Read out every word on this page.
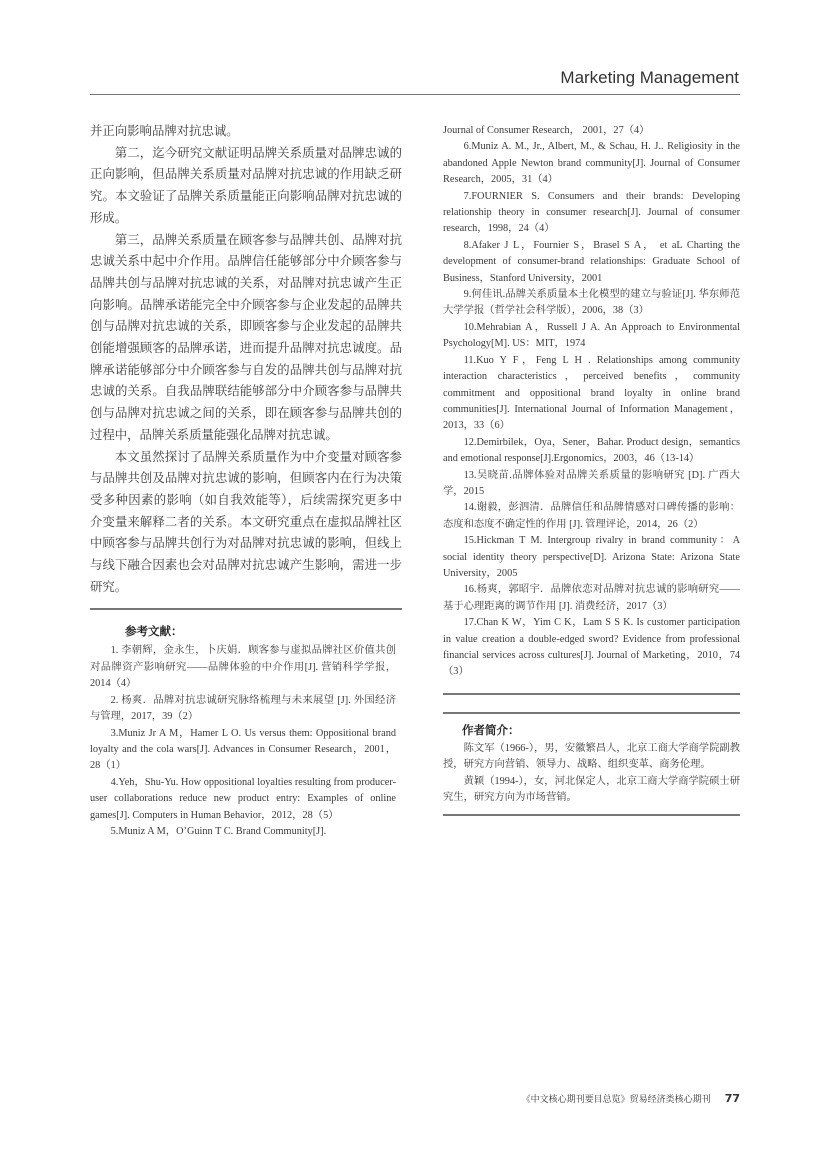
Marketing Management

并正向影响品牌对抗忠诚。

第二，迄今研究文献证明品牌关系质量对品牌忠诚的正向影响，但品牌关系质量对品牌对抗忠诚的作用缺乏研究。本文验证了品牌关系质量能正向影响品牌对抗忠诚的形成。

第三，品牌关系质量在顾客参与品牌共创、品牌对抗忠诚关系中起中介作用。品牌信任能够部分中介顾客参与品牌共创与品牌对抗忠诚的关系，对品牌对抗忠诚产生正向影响。品牌承诺能完全中介顾客参与企业发起的品牌共创与品牌对抗忠诚的关系，即顾客参与企业发起的品牌共创能增强顾客的品牌承诺，进而提升品牌对抗忠诚度。品牌承诺能够部分中介顾客参与自发的品牌共创与品牌对抗忠诚的关系。自我品牌联结能够部分中介顾客参与品牌共创与品牌对抗忠诚之间的关系，即在顾客参与品牌共创的过程中，品牌关系质量能强化品牌对抗忠诚。

本文虽然探讨了品牌关系质量作为中介变量对顾客参与品牌共创及品牌对抗忠诚的影响，但顾客内在行为决策受多种因素的影响（如自我效能等），后续需探究更多中介变量来解释二者的关系。本文研究重点在虚拟品牌社区中顾客参与品牌共创行为对品牌对抗忠诚的影响，但线上与线下融合因素也会对品牌对抗忠诚产生影响，需进一步研究。

参考文献：

1. 李朝辉，金永生，卜庆娟．顾客参与虚拟品牌社区价值共创对品牌资产影响研究——品牌体验的中介作用[J]. 营销科学学报，2014（4）

2. 杨爽．品牌对抗忠诚研究脉络梳理与未来展望 [J]. 外国经济与管理，2017，39（2）

3.Muniz Jr A M，Hamer L O. Us versus them: Oppositional brand loyalty and the cola wars[J]. Advances in Consumer Research，2001，28（1）

4.Yeh，Shu-Yu. How oppositional loyalties resulting from producer-user collaborations reduce new product entry: Examples of online games[J]. Computers in Human Behavior，2012，28（5）

5.Muniz A M，O’Guinn T C. Brand Community[J].

Journal of Consumer Research， 2001，27（4）

6.Muniz A. M., Jr., Albert, M., & Schau, H. J.. Religiosity in the abandoned Apple Newton brand community[J]. Journal of Consumer Research，2005，31（4）

7.FOURNIER S. Consumers and their brands: Developing relationship theory in consumer research[J]. Journal of consumer research，1998，24（4）

8.Afaker J L，Fournier S，Brasel S A， et aL Charting the development of consumer-brand relationships: Graduate School of Business，Stanford University，2001

9.何佳讯.品牌关系质量本土化模型的建立与验证[J]. 华东师范大学学报（哲学社会科学版），2006，38（3）

10.Mehrabian A，Russell J A. An Approach to Environmental Psychology[M]. US：MIT，1974

11.Kuo Y F，Feng L H . Relationships among community interaction characteristics，perceived benefits，community commitment and oppositional brand loyalty in online brand communities[J]. International Journal of Information Management，2013，33（6）

12.Demirbilek，Oya，Sener，Bahar. Product design，semantics and emotional response[J].Ergonomics，2003，46（13-14）

13.吴晓苗.品牌体验对品牌关系质量的影响研究 [D]. 广西大学，2015

14.谢毅，彭泗清．品牌信任和品牌情感对口碑传播的影响：态度和态度不确定性的作用 [J]. 管理评论，2014，26（2）

15.Hickman T M. Intergroup rivalry in brand community：A social identity theory perspective[D]. Arizona State: Arizona State University，2005

16.杨爽，郭昭宇．品牌依恋对品牌对抗忠诚的影响研究——基于心理距离的调节作用 [J]. 消费经济，2017（3）

17.Chan K W，Yim C K，Lam S S K. Is customer participation in value creation a double-edged sword? Evidence from professional financial services across cultures[J]. Journal of Marketing，2010，74（3）

作者简介：

陈文军（1966-），男，安徽繁昌人，北京工商大学商学院副教授，研究方向营销、领导力、战略、组织变革、商务伦理。

黄颖（1994-），女，河北保定人，北京工商大学商学院硕士研究生，研究方向为市场营销。

《中文核心期刊要目总览》贸易经济类核心期刊 77
